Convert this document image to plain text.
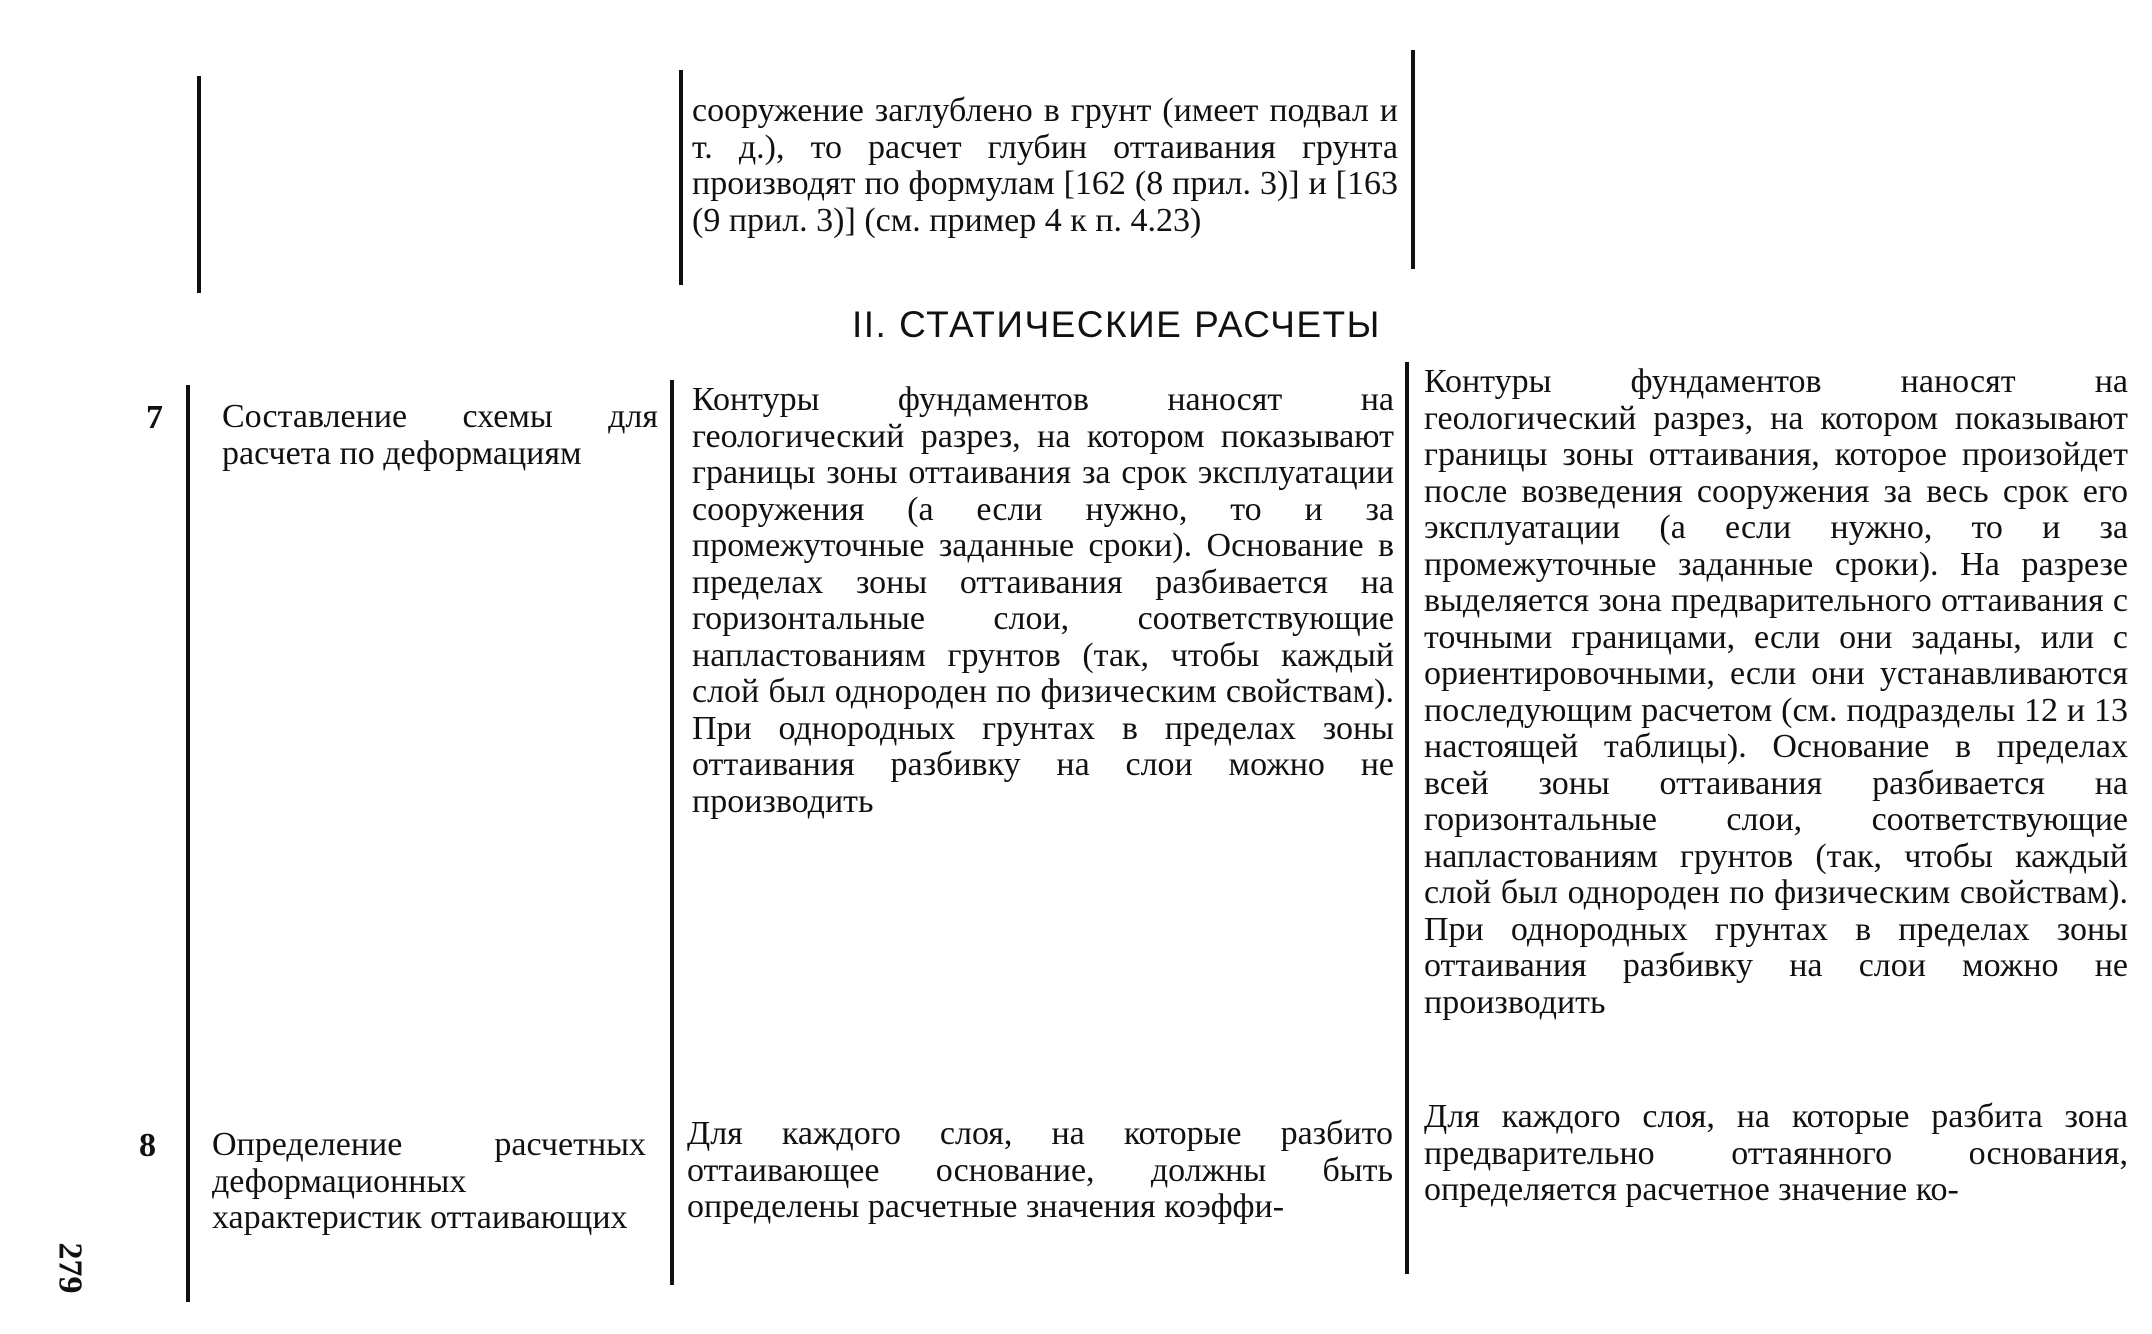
сооружение заглублено в грунт (имеет подвал и т. д.), то расчет глубин оттаивания грунта производят по формулам [162 (8 прил. 3)] и [163 (9 прил. 3)] (см. пример 4 к п. 4.23)
II. СТАТИЧЕСКИЕ РАСЧЕТЫ
7 Составление схемы для расчета по деформациям
Контуры фундаментов наносят на геологический разрез, на котором показывают границы зоны оттаивания за срок эксплуатации сооружения (а если нужно, то и за промежуточные заданные сроки). Основание в пределах зоны оттаивания разбивается на горизонтальные слои, соответствующие напластованиям грунтов (так, чтобы каждый слой был однороден по физическим свойствам). При однородных грунтах в пределах зоны оттаивания разбивку на слои можно не производить
Контуры фундаментов наносят на геологический разрез, на котором показывают границы зоны оттаивания, которое произойдет после возведения сооружения за весь срок его эксплуатации (а если нужно, то и за промежуточные заданные сроки). На разрезе выделяется зона предварительного оттаивания с точными границами, если они заданы, или с ориентировочными, если они устанавливаются последующим расчетом (см. подразделы 12 и 13 настоящей таблицы). Основание в пределах всей зоны оттаивания разбивается на горизонтальные слои, соответствующие напластованиям грунтов (так, чтобы каждый слой был однороден по физическим свойствам). При однородных грунтах в пределах зоны оттаивания разбивку на слои можно не производить
8 Определение расчетных деформационных характеристик оттаивающих
Для каждого слоя, на которые разбито оттаивающее основание, должны быть определены расчетные значения коэффи-
Для каждого слоя, на которые разбита зона предварительно оттаянного основания, определяется расчетное значение ко-
279
